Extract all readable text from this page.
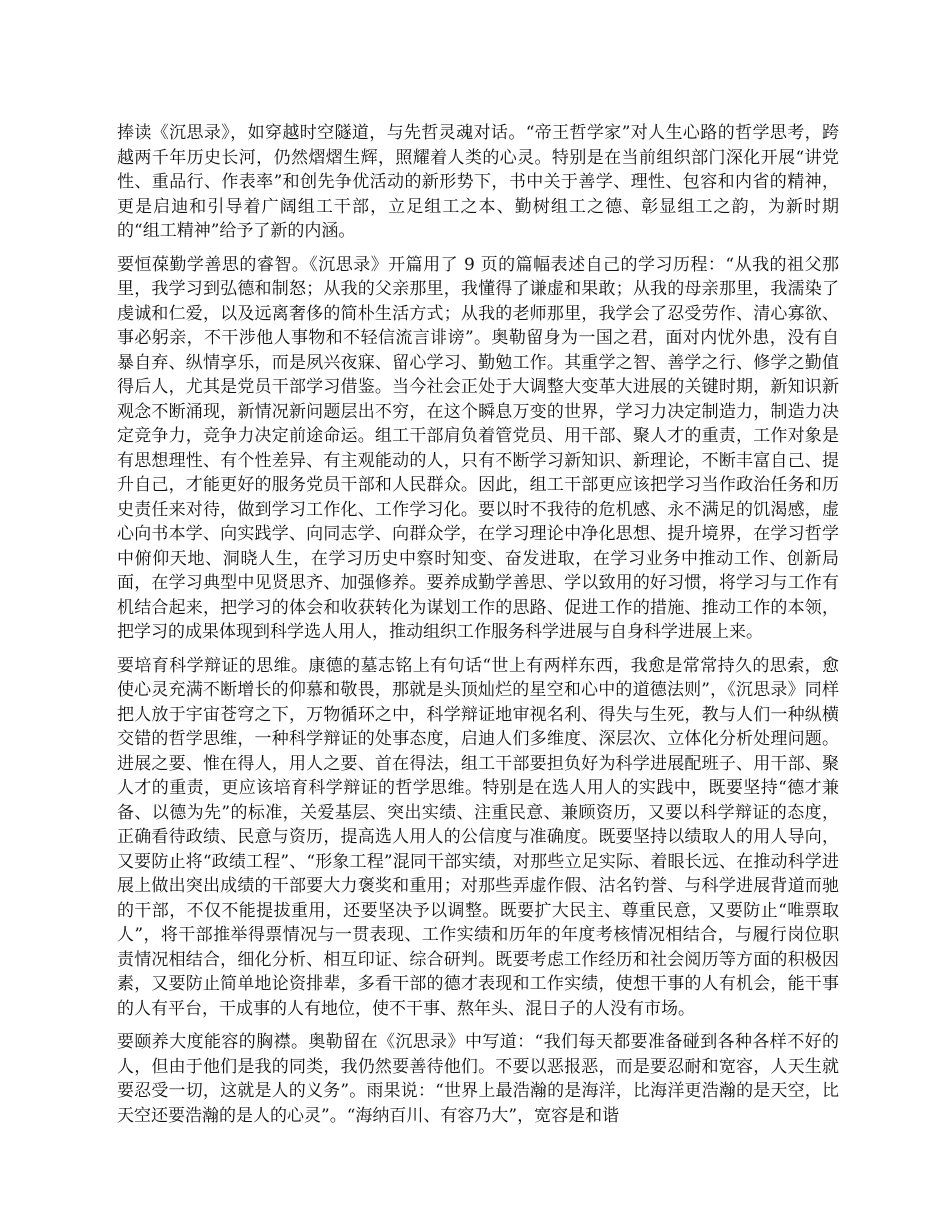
捧读《沉思录》，如穿越时空隧道，与先哲灵魂对话。“帝王哲学家”对人生心路的哲学思考，跨越两千年历史长河，仍然熠熠生辉，照耀着人类的心灵。特别是在当前组织部门深化开展“讲党性、重品行、作表率”和创先争优活动的新形势下，书中关于善学、理性、包容和内省的精神，更是启迪和引导着广阔组工干部，立足组工之本、勤树组工之德、彰显组工之韵，为新时期的“组工精神”给予了新的内涵。

要恒葆勤学善思的睿智。《沉思录》开篇用了 9 页的篇幅表述自己的学习历程：“从我的祖父那里，我学习到弘德和制怒；从我的父亲那里，我懂得了谦虚和果敢；从我的母亲那里，我濡染了虔诚和仁爱，以及远离奢侈的简朴生活方式；从我的老师那里，我学会了忍受劳作、清心寡欲、事必躬亲，不干涉他人事物和不轻信流言诽谤”。奥勒留身为一国之君，面对内忧外患，没有自暴自弃、纵情享乐，而是夙兴夜寐、留心学习、勤勉工作。其重学之智、善学之行、修学之勤值得后人，尤其是党员干部学习借鉴。当今社会正处于大调整大变革大进展的关键时期，新知识新观念不断涌现，新情况新问题层出不穷，在这个瞬息万变的世界，学习力决定制造力，制造力决定竞争力，竞争力决定前途命运。组工干部肩负着管党员、用干部、聚人才的重责，工作对象是有思想理性、有个性差异、有主观能动的人，只有不断学习新知识、新理论，不断丰富自己、提升自己，才能更好的服务党员干部和人民群众。因此，组工干部更应该把学习当作政治任务和历史责任来对待，做到学习工作化、工作学习化。要以时不我待的危机感、永不满足的饥渴感，虚心向书本学、向实践学、向同志学、向群众学，在学习理论中净化思想、提升境界，在学习哲学中俯仰天地、洞晓人生，在学习历史中察时知变、奋发进取，在学习业务中推动工作、创新局面，在学习典型中见贤思齐、加强修养。要养成勤学善思、学以致用的好习惯，将学习与工作有机结合起来，把学习的体会和收获转化为谋划工作的思路、促进工作的措施、推动工作的本领，把学习的成果体现到科学选人用人，推动组织工作服务科学进展与自身科学进展上来。

要培育科学辩证的思维。康德的墓志铭上有句话“世上有两样东西，我愈是常常持久的思索，愈使心灵充满不断增长的仰慕和敬畏，那就是头顶灿烂的星空和心中的道德法则”，《沉思录》同样把人放于宇宙苍穹之下，万物循环之中，科学辩证地审视名利、得失与生死，教与人们一种纵横交错的哲学思维，一种科学辩证的处事态度，启迪人们多维度、深层次、立体化分析处理问题。进展之要、惟在得人，用人之要、首在得法，组工干部要担负好为科学进展配班子、用干部、聚人才的重责，更应该培育科学辩证的哲学思维。特别是在选人用人的实践中，既要坚持“德才兼备、以德为先”的标准，关爱基层、突出实绩、注重民意、兼顾资历，又要以科学辩证的态度，正确看待政绩、民意与资历，提高选人用人的公信度与准确度。既要坚持以绩取人的用人导向，又要防止将“政绩工程”、“形象工程”混同干部实绩，对那些立足实际、着眼长远、在推动科学进展上做出突出成绩的干部要大力褒奖和重用；对那些弄虚作假、沽名钓誉、与科学进展背道而驰的干部，不仅不能提拔重用，还要坚决予以调整。既要扩大民主、尊重民意，又要防止“唯票取人”，将干部推举得票情况与一贯表现、工作实绩和历年的年度考核情况相结合，与履行岗位职责情况相结合，细化分析、相互印证、综合研判。既要考虑工作经历和社会阅历等方面的积极因素，又要防止简单地论资排辈，多看干部的德才表现和工作实绩，使想干事的人有机会，能干事的人有平台，干成事的人有地位，使不干事、熬年头、混日子的人没有市场。

要颐养大度能容的胸襟。奥勒留在《沉思录》中写道：“我们每天都要准备碰到各种各样不好的人，但由于他们是我的同类，我仍然要善待他们。不要以恶报恶，而是要忍耐和宽容，人天生就要忍受一切，这就是人的义务”。雨果说：“世界上最浩瀚的是海洋，比海洋更浩瀚的是天空，比天空还要浩瀚的是人的心灵”。“海纳百川、有容乃大”，宽容是和谐
